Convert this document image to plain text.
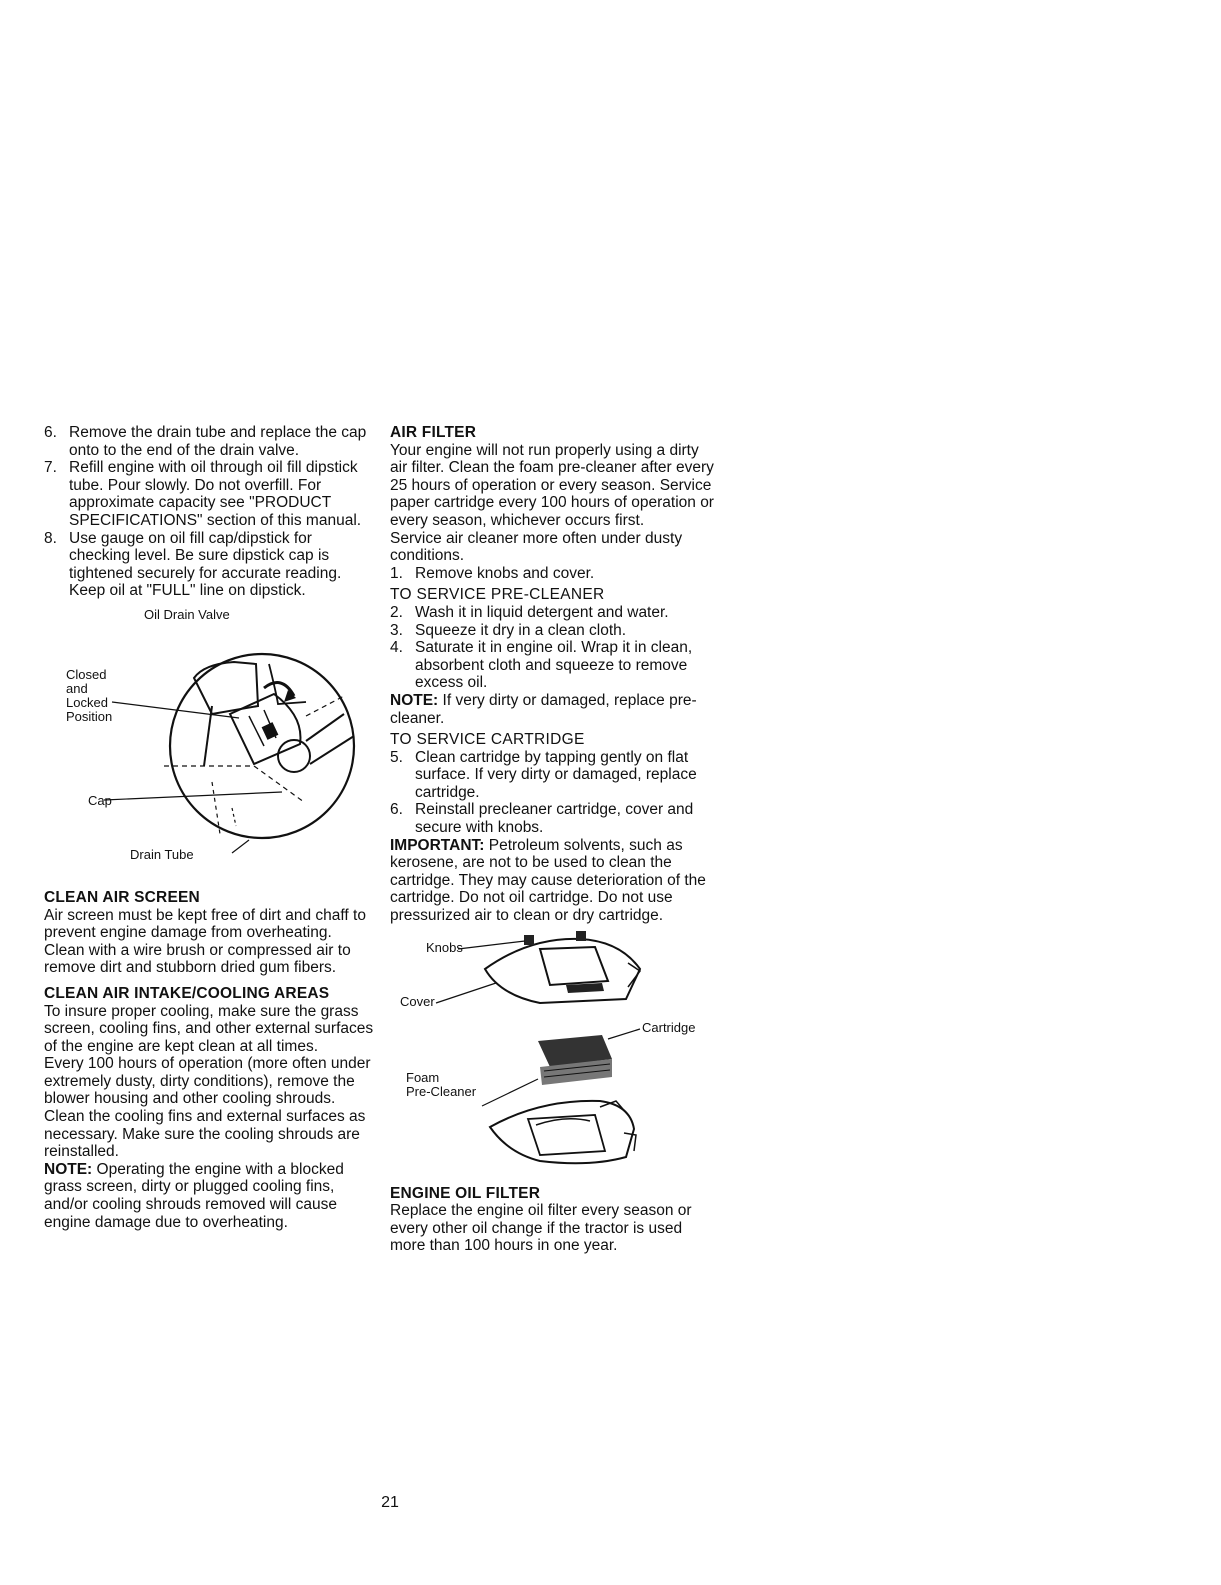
6. Remove the drain tube and replace the cap onto to the end of the drain valve.
7. Refill engine with oil through oil fill dipstick tube. Pour slowly. Do not overfill. For approximate capacity see "PRODUCT SPECIFICATIONS" section of this manual.
8. Use gauge on oil fill cap/dipstick for checking level. Be sure dipstick cap is tightened securely for accurate reading. Keep oil at "FULL" line on dipstick.
Oil Drain Valve
Closed
and
Locked
Position
Cap
Drain Tube
CLEAN AIR SCREEN

Air screen must be kept free of dirt and chaff to prevent engine damage from overheating. Clean with a wire brush or compressed air to remove dirt and stubborn dried gum fibers.

CLEAN AIR INTAKE/COOLING AREAS

To insure proper cooling, make sure the grass screen, cooling fins, and other external surfaces of the engine are kept clean at all times.

Every 100 hours of operation (more often under extremely dusty, dirty conditions), remove the blower housing and other cooling shrouds. Clean the cooling fins and external surfaces as necessary. Make sure the cooling shrouds are reinstalled.

NOTE: Operating the engine with a blocked grass screen, dirty or plugged cooling fins, and/or cooling shrouds removed will cause engine damage due to overheating.

AIR FILTER

Your engine will not run properly using a dirty air filter. Clean the foam pre-cleaner after every 25 hours of operation or every season. Service paper cartridge every 100 hours of operation or every season, whichever occurs first.

Service air cleaner more often under dusty conditions.

1. Remove knobs and cover.
TO SERVICE PRE-CLEANER
2. Wash it in liquid detergent and water.
3. Squeeze it dry in a clean cloth.
4. Saturate it in engine oil. Wrap it in clean, absorbent cloth and squeeze to remove excess oil.

NOTE: If very dirty or damaged, replace pre-cleaner.

TO SERVICE CARTRIDGE
5. Clean cartridge by tapping gently on flat surface. If very dirty or damaged, replace cartridge.
6. Reinstall precleaner cartridge, cover and secure with knobs.

IMPORTANT: Petroleum solvents, such as kerosene, are not to be used to clean the cartridge. They may cause deterioration of the cartridge. Do not oil cartridge. Do not use pressurized air to clean or dry cartridge.

Knobs
Cover
Cartridge
Foam
Pre-Cleaner
ENGINE OIL FILTER

Replace the engine oil filter every season or every other oil change if the tractor is used more than 100 hours in one year.

21
